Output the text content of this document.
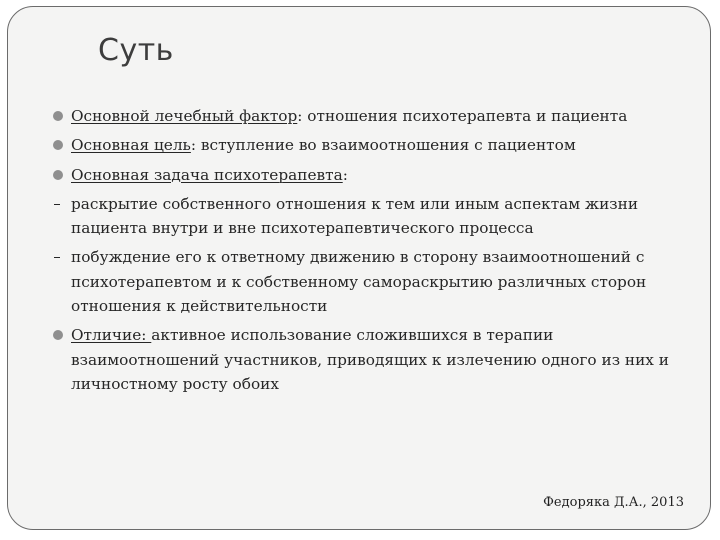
Суть
Основной лечебный фактор: отношения психотерапевта и пациента
Основная цель: вступление во взаимоотношения с пациентом
Основная задача психотерапевта:
раскрытие собственного отношения к тем или иным аспектам жизни пациента внутри и вне психотерапевтического процесса
побуждение его к ответному движению в сторону взаимоотношений с психотерапевтом и к собственному самораскрытию различных сторон отношения к действительности
Отличие: активное использование сложившихся в терапии взаимоотношений участников, приводящих к излечению одного из них и личностному росту обоих
Федоряка Д.А., 2013
